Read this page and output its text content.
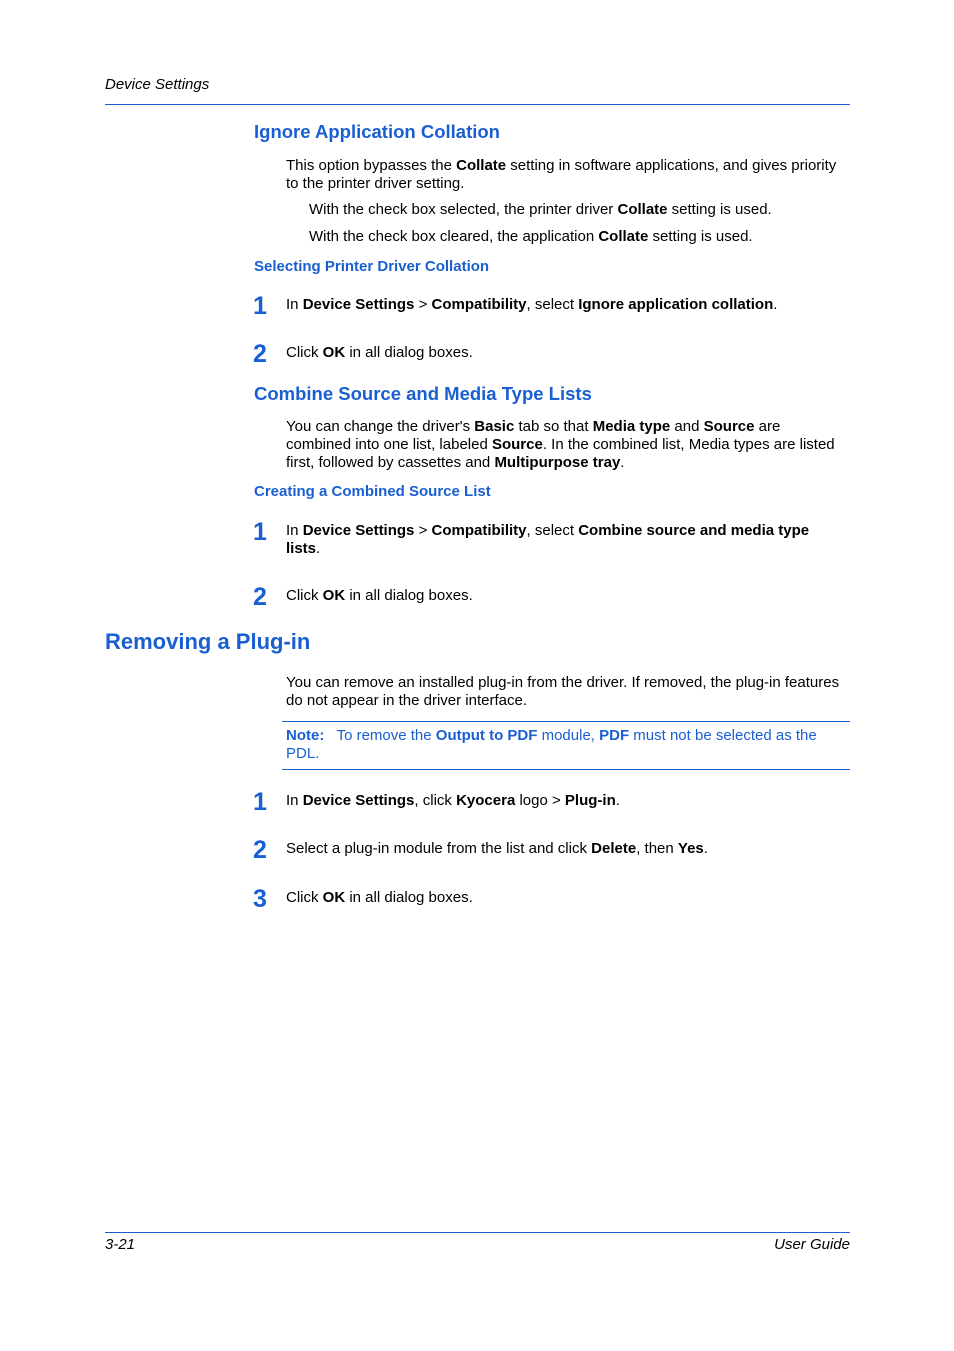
Device Settings
Ignore Application Collation
This option bypasses the Collate setting in software applications, and gives priority to the printer driver setting.
With the check box selected, the printer driver Collate setting is used.
With the check box cleared, the application Collate setting is used.
Selecting Printer Driver Collation
1 In Device Settings > Compatibility, select Ignore application collation.
2 Click OK in all dialog boxes.
Combine Source and Media Type Lists
You can change the driver's Basic tab so that Media type and Source are combined into one list, labeled Source. In the combined list, Media types are listed first, followed by cassettes and Multipurpose tray.
Creating a Combined Source List
1 In Device Settings > Compatibility, select Combine source and media type lists.
2 Click OK in all dialog boxes.
Removing a Plug-in
You can remove an installed plug-in from the driver. If removed, the plug-in features do not appear in the driver interface.
Note: To remove the Output to PDF module, PDF must not be selected as the PDL.
1 In Device Settings, click Kyocera logo > Plug-in.
2 Select a plug-in module from the list and click Delete, then Yes.
3 Click OK in all dialog boxes.
3-21	User Guide
